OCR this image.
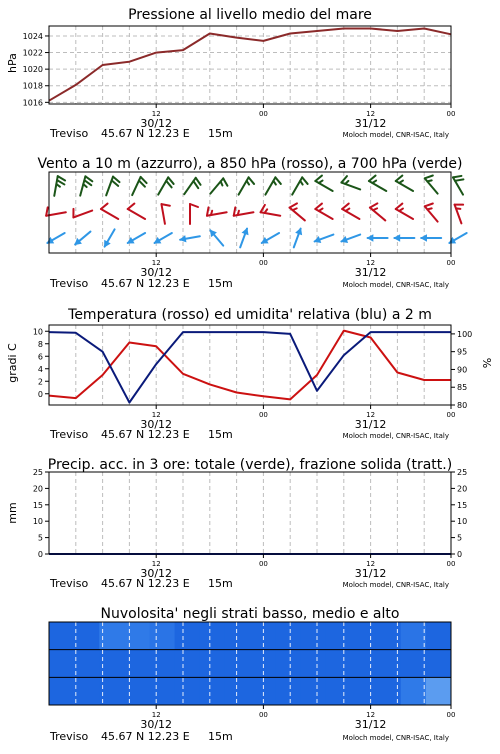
Pressione al livello medio del mare
hPa
1016
1018
1020
1022
1024
12
30/12
00	12
31/12
00
Treviso 45.67 N 12.23 E 15m	Moloch model, CNR-ISAC, Italy
Vento a 10 m (azzurro), a 850 hPa (rosso), a 700 hPa (verde)
12
30/12
00	12
31/12
00
Treviso 45.67 N 12.23 E 15m	Moloch model, CNR-ISAC, Italy
Temperatura (rosso) ed umidita' relativa (blu) a 2 m
gradi C	%
0
2
4
6
8
10
80
85
90
95
100
12
30/12
00	12
31/12
00
Treviso 45.67 N 12.23 E 15m	Moloch model, CNR-ISAC, Italy
Precip. acc. in 3 ore: totale (verde), frazione solida (tratt.)
mm
0
5
10
15
20
25
0
5
10
15
20
25
12
30/12
00	12
31/12
00
Treviso 45.67 N 12.23 E 15m	Moloch model, CNR-ISAC, Italy
Nuvolosita' negli strati basso, medio e alto
12
30/12
00	12
31/12
00
Treviso 45.67 N 12.23 E 15m	Moloch model, CNR-ISAC, Italy
